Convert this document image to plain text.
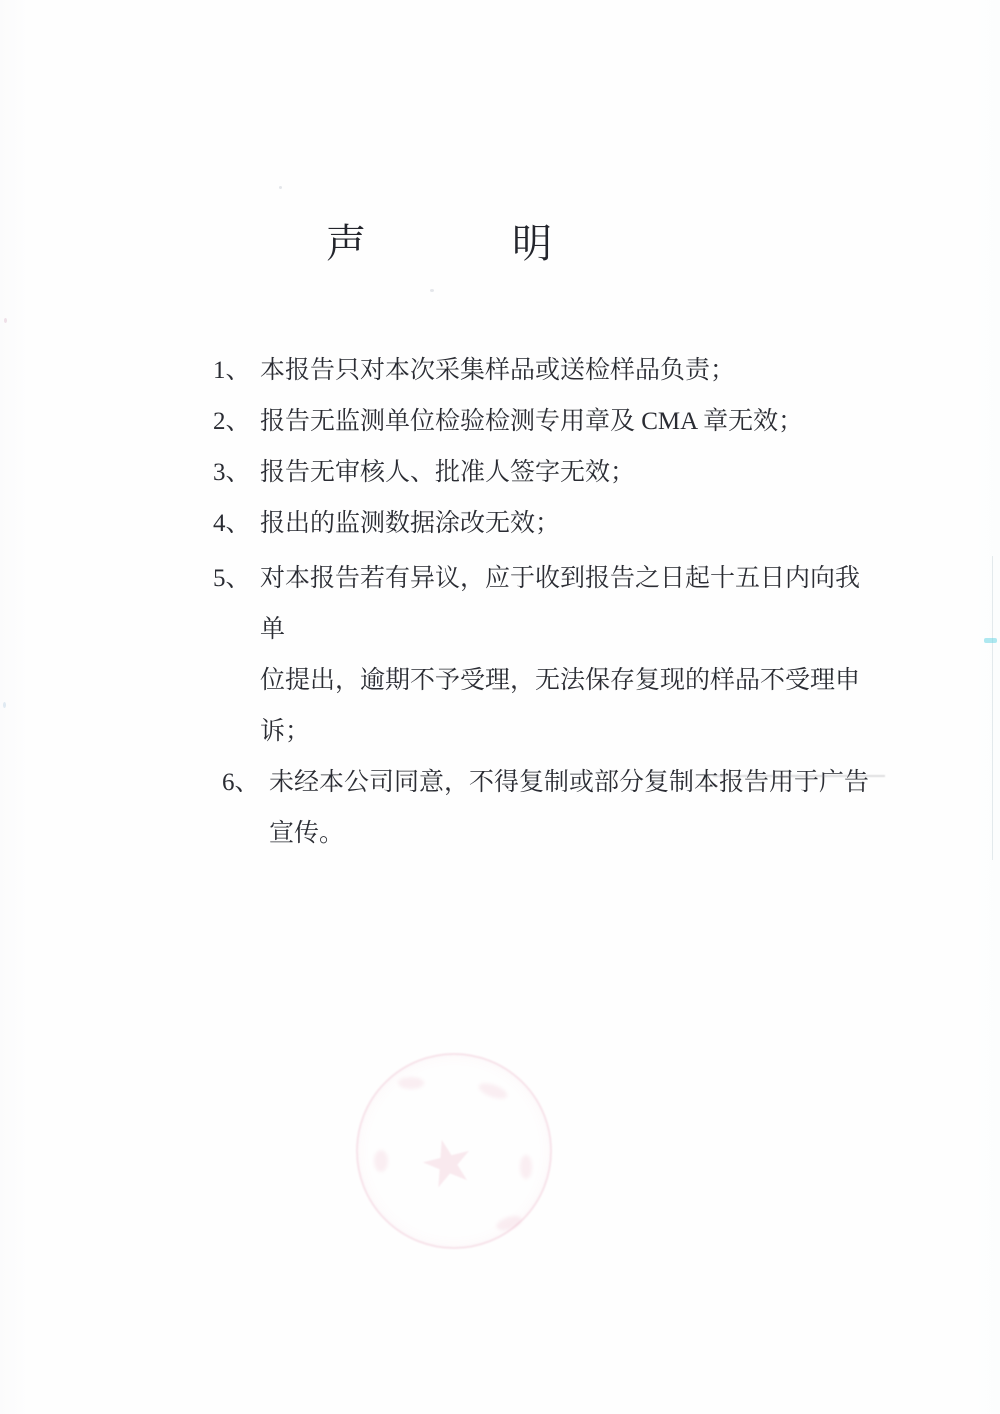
声	明
1、 本报告只对本次采集样品或送检样品负责；
2、 报告无监测单位检验检测专用章及 CMA 章无效；
3、 报告无审核人、批准人签字无效；
4、 报出的监测数据涂改无效；
5、 对本报告若有异议，应于收到报告之日起十五日内向我单
位提出，逾期不予受理，无法保存复现的样品不受理申诉；
6、 未经本公司同意，不得复制或部分复制本报告用于广告宣传。
★
